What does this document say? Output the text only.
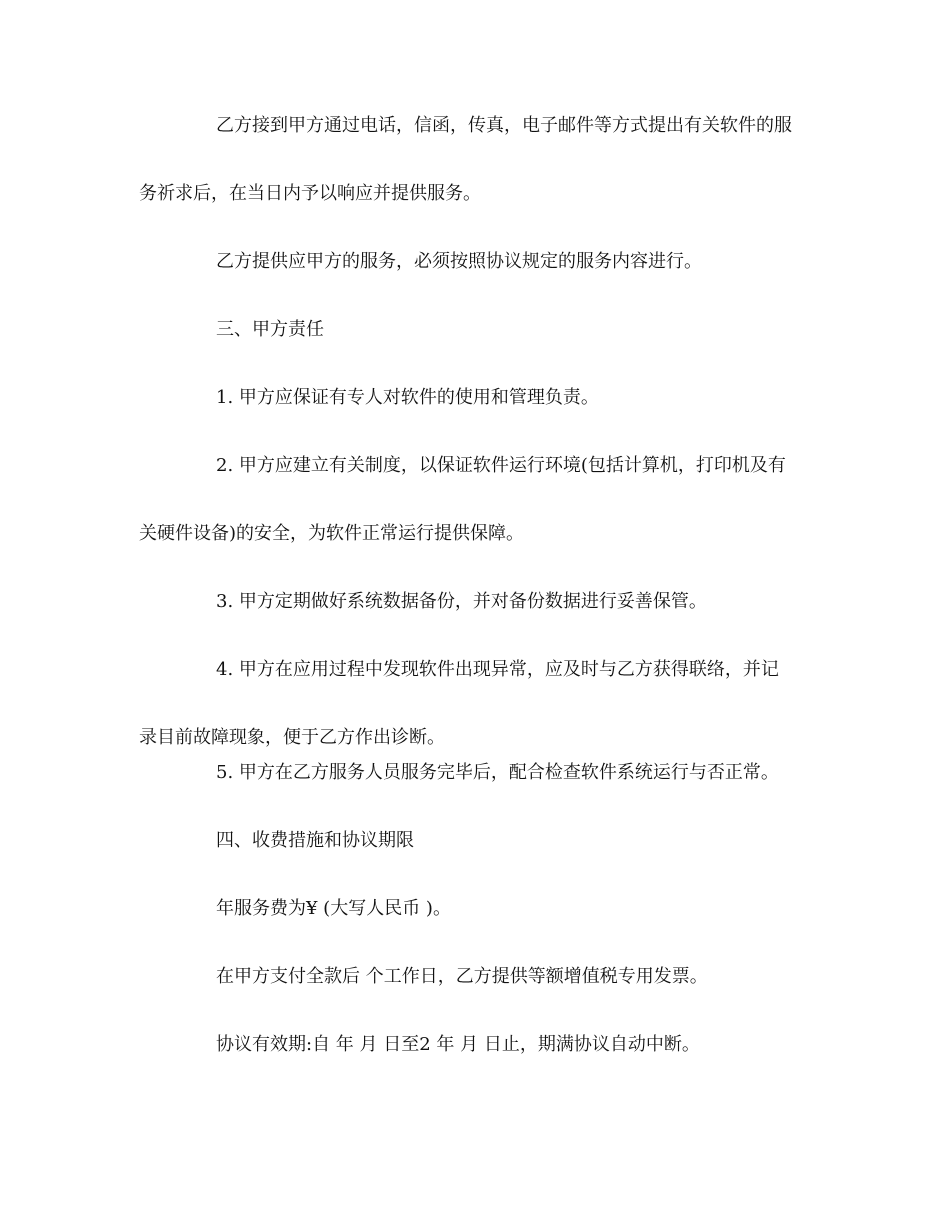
乙方接到甲方通过电话，信函，传真，电子邮件等方式提出有关软件的服
务祈求后，在当日内予以响应并提供服务。

乙方提供应甲方的服务，必须按照协议规定的服务内容进行。

三、甲方责任

1. 甲方应保证有专人对软件的使用和管理负责。

2. 甲方应建立有关制度，以保证软件运行环境(包括计算机，打印机及有
关硬件设备)的安全，为软件正常运行提供保障。

3. 甲方定期做好系统数据备份，并对备份数据进行妥善保管。

4. 甲方在应用过程中发现软件出现异常，应及时与乙方获得联络，并记
录目前故障现象，便于乙方作出诊断。

5. 甲方在乙方服务人员服务完毕后，配合检查软件系统运行与否正常。

四、收费措施和协议期限

年服务费为¥ (大写人民币 )。

在甲方支付全款后 个工作日，乙方提供等额增值税专用发票。

协议有效期:自 年 月 日至2 年 月 日止，期满协议自动中断。
